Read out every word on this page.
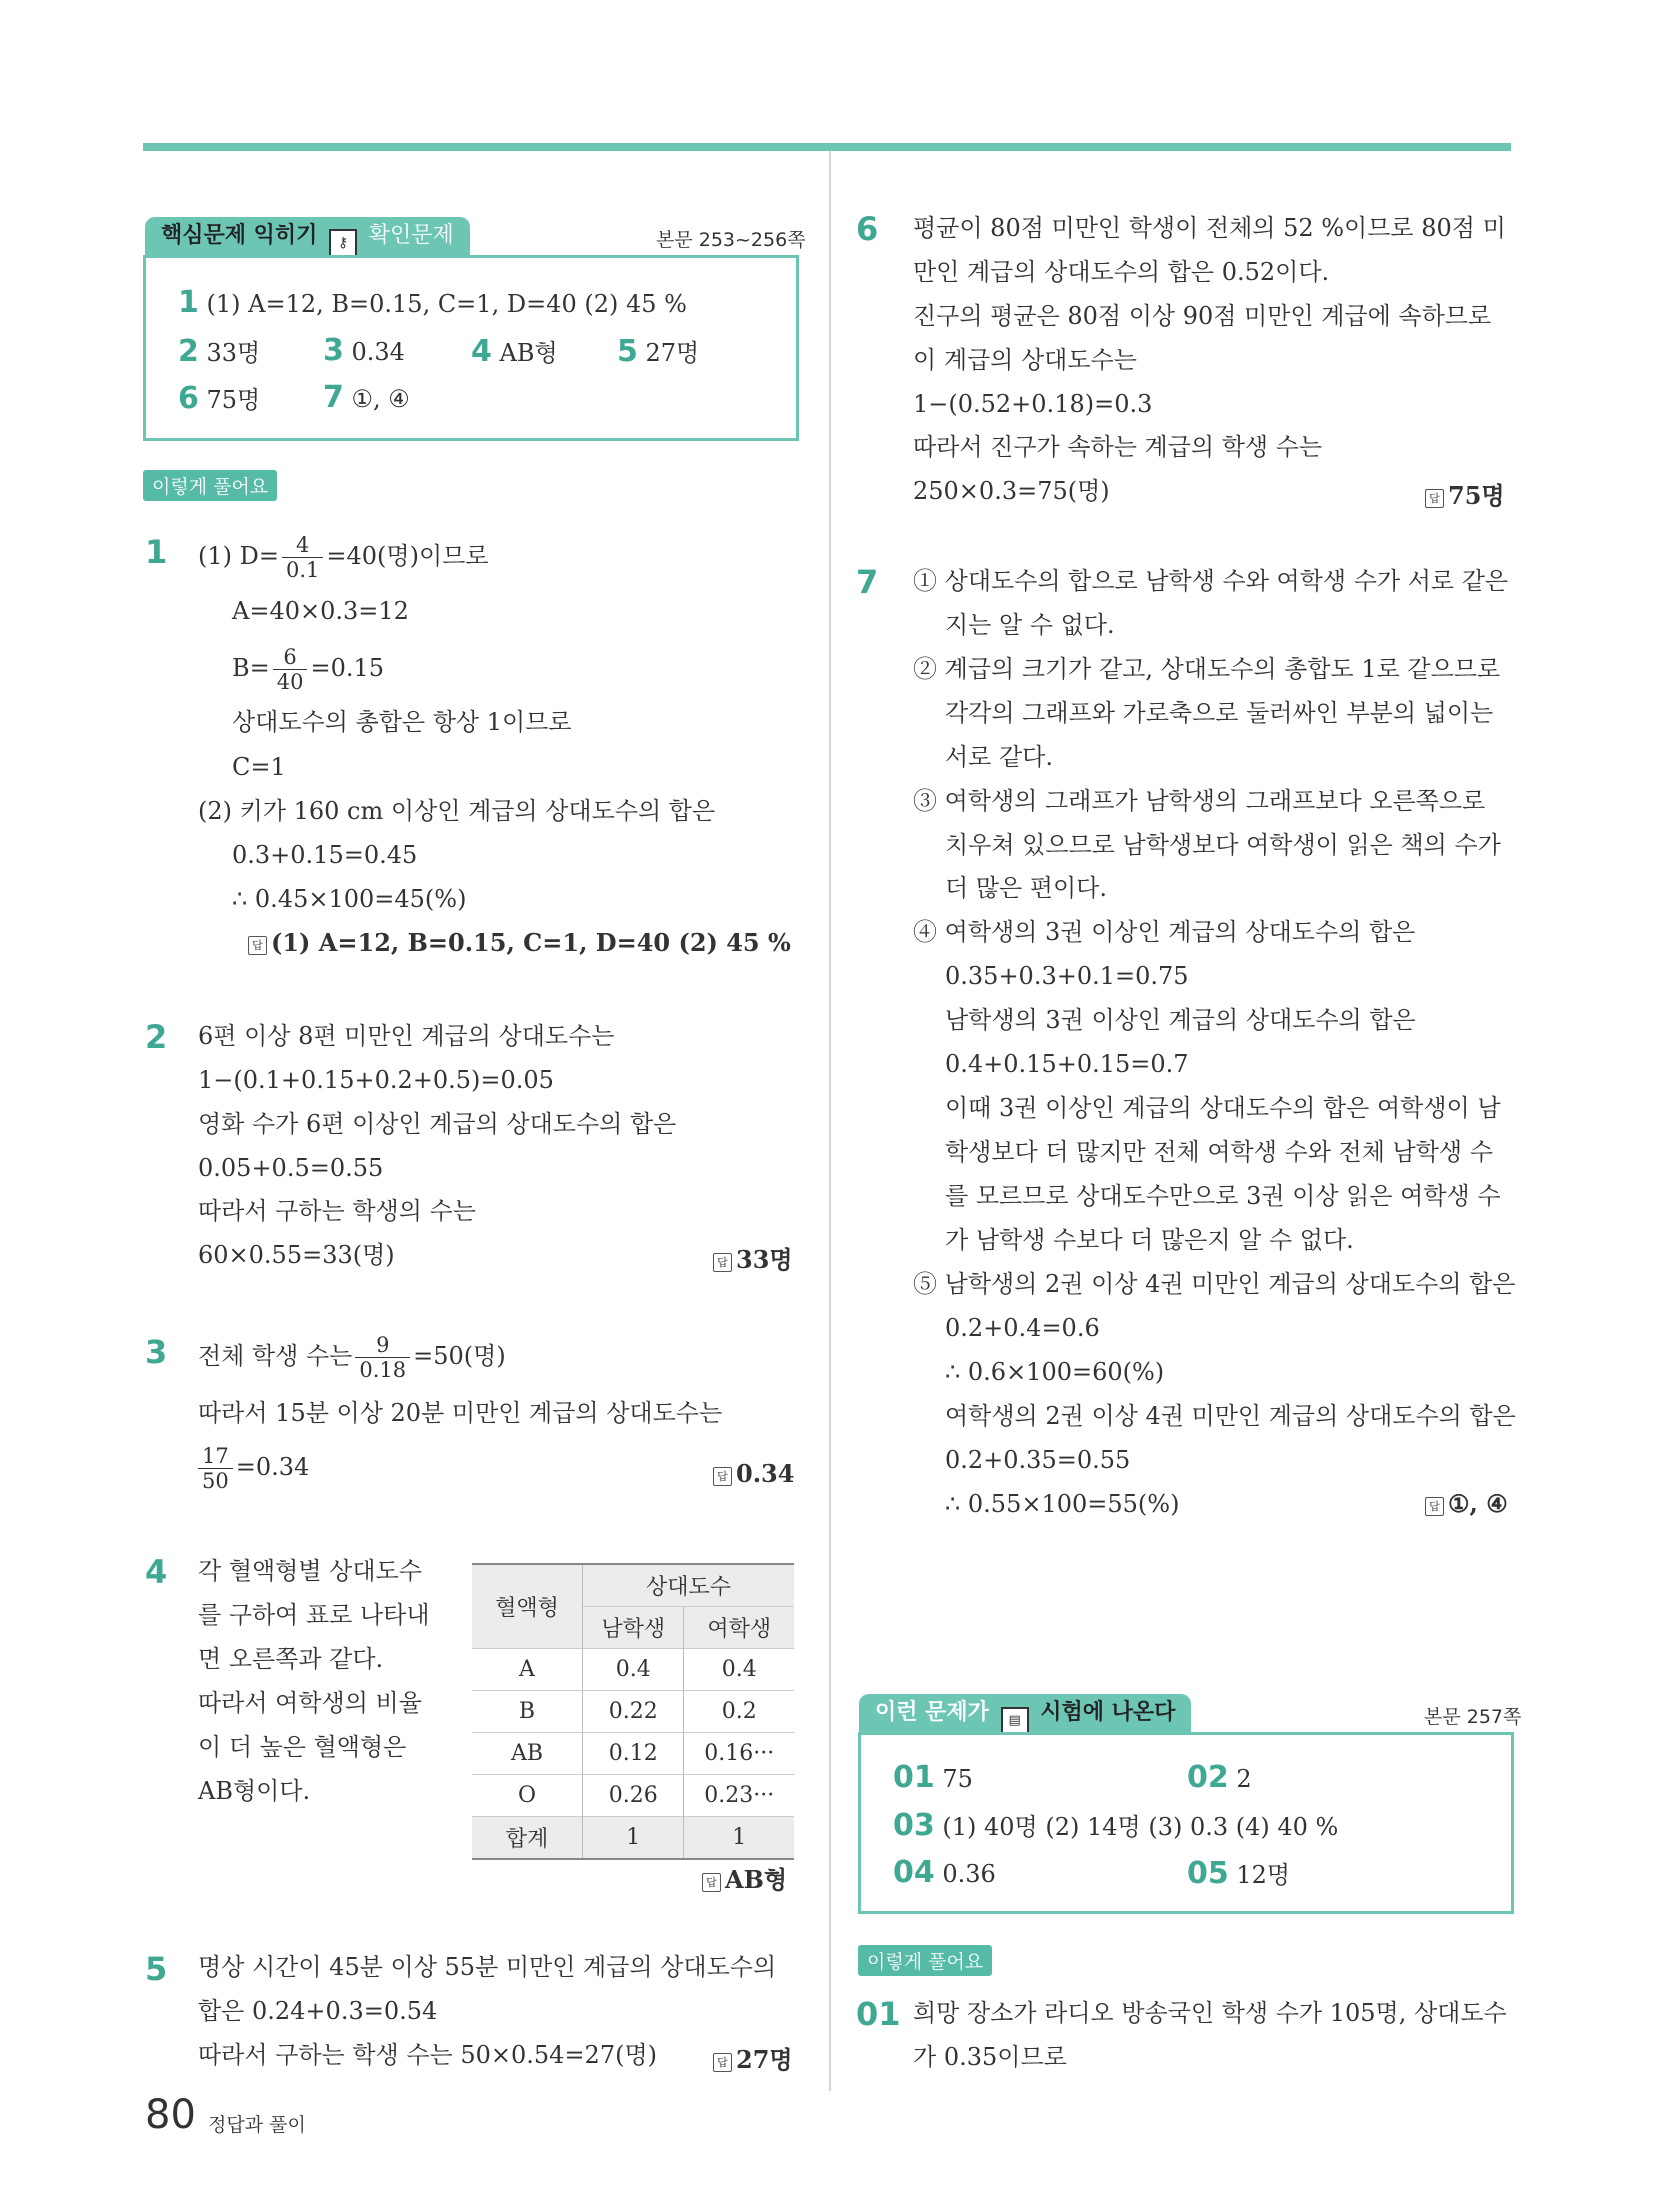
핵심문제 익히기 ⚷ 확인문제	본문 253~256쪽
1 (1) A=12, B=0.15, C=1, D=40 (2) 45 %
2 33명 3 0.34 4 AB형 5 27명
6 75명 7 ①, ④
이렇게 풀어요
1 (1) $D= \frac{4}{0.1} =40$(명)이므로
A=40×0.3=12
$B= \frac{6}{40} =0.15$
상대도수의 총합은 항상 1이므로
C=1
(2) 키가 160 cm 이상인 계급의 상대도수의 합은
0.3+0.15=0.45
∴ 0.45×100=45(%)
답 (1) A=12, B=0.15, C=1, D=40 (2) 45 %
2 6편 이상 8편 미만인 계급의 상대도수는
1−(0.1+0.15+0.2+0.5)=0.05
영화 수가 6편 이상인 계급의 상대도수의 합은
0.05+0.5=0.55
따라서 구하는 학생의 수는
60×0.55=33(명)	답 33명
3 전체 학생 수는 $\frac{9}{0.18} =50$(명)
따라서 15분 이상 20분 미만인 계급의 상대도수는
$\frac{17}{50} =0.34$	답 0.34
4 각 혈액형별 상대도수
를 구하여 표로 나타내
면 오른쪽과 같다.
따라서 여학생의 비율
이 더 높은 혈액형은
AB형이다.
혈액형	상대도수	
	남학생	여학생
A	0.4	0.4
B	0.22	0.2
AB	0.12	0.16···
O	0.26	0.23···
합계	1	1
답 AB형
5 명상 시간이 45분 이상 55분 미만인 계급의 상대도수의
합은 0.24+0.3=0.54
따라서 구하는 학생 수는 50×0.54=27(명)	답 27명
80 정답과 풀이
6 평균이 80점 미만인 학생이 전체의 52 %이므로 80점 미
만인 계급의 상대도수의 합은 0.52이다.
진구의 평균은 80점 이상 90점 미만인 계급에 속하므로
이 계급의 상대도수는
1−(0.52+0.18)=0.3
따라서 진구가 속하는 계급의 학생 수는
250×0.3=75(명)	답 75명
7 ① 상대도수의 합으로 남학생 수와 여학생 수가 서로 같은
지는 알 수 없다.
② 계급의 크기가 같고, 상대도수의 총합도 1로 같으므로
각각의 그래프와 가로축으로 둘러싸인 부분의 넓이는
서로 같다.
③ 여학생의 그래프가 남학생의 그래프보다 오른쪽으로
치우쳐 있으므로 남학생보다 여학생이 읽은 책의 수가
더 많은 편이다.
④ 여학생의 3권 이상인 계급의 상대도수의 합은
0.35+0.3+0.1=0.75
남학생의 3권 이상인 계급의 상대도수의 합은
0.4+0.15+0.15=0.7
이때 3권 이상인 계급의 상대도수의 합은 여학생이 남
학생보다 더 많지만 전체 여학생 수와 전체 남학생 수
를 모르므로 상대도수만으로 3권 이상 읽은 여학생 수
가 남학생 수보다 더 많은지 알 수 없다.
⑤ 남학생의 2권 이상 4권 미만인 계급의 상대도수의 합은
0.2+0.4=0.6
∴ 0.6×100=60(%)
여학생의 2권 이상 4권 미만인 계급의 상대도수의 합은
0.2+0.35=0.55
∴ 0.55×100=55(%)	답 ①, ④
이런 문제가 ▤ 시험에 나온다	본문 257쪽
01 75	02 2
03 (1) 40명 (2) 14명 (3) 0.3 (4) 40 %
04 0.36	05 12명
이렇게 풀어요
01 희망 장소가 라디오 방송국인 학생 수가 105명, 상대도수
가 0.35이므로
